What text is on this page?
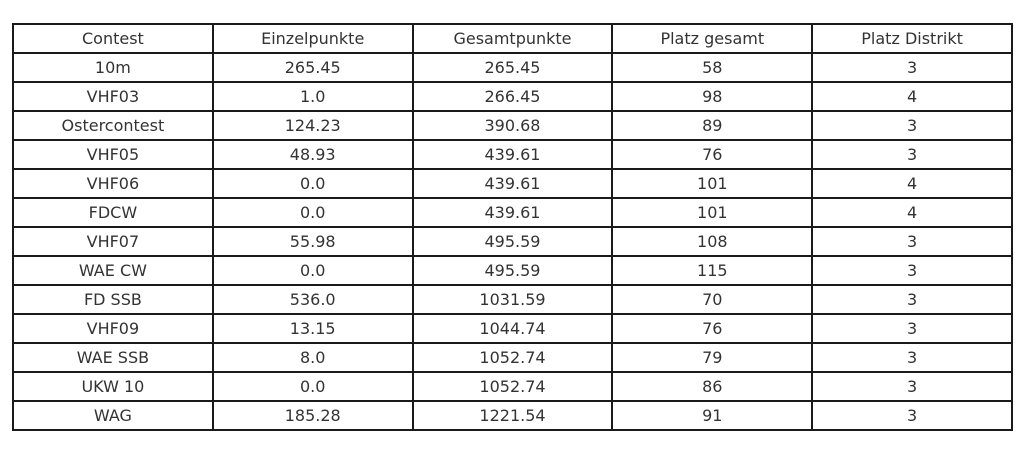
Contest	Einzelpunkte	Gesamtpunkte	Platz gesamt	Platz Distrikt
10m	265.45	265.45	58	3
VHF03	1.0	266.45	98	4
Ostercontest	124.23	390.68	89	3
VHF05	48.93	439.61	76	3
VHF06	0.0	439.61	101	4
FDCW	0.0	439.61	101	4
VHF07	55.98	495.59	108	3
WAE CW	0.0	495.59	115	3
FD SSB	536.0	1031.59	70	3
VHF09	13.15	1044.74	76	3
WAE SSB	8.0	1052.74	79	3
UKW 10	0.0	1052.74	86	3
WAG	185.28	1221.54	91	3
